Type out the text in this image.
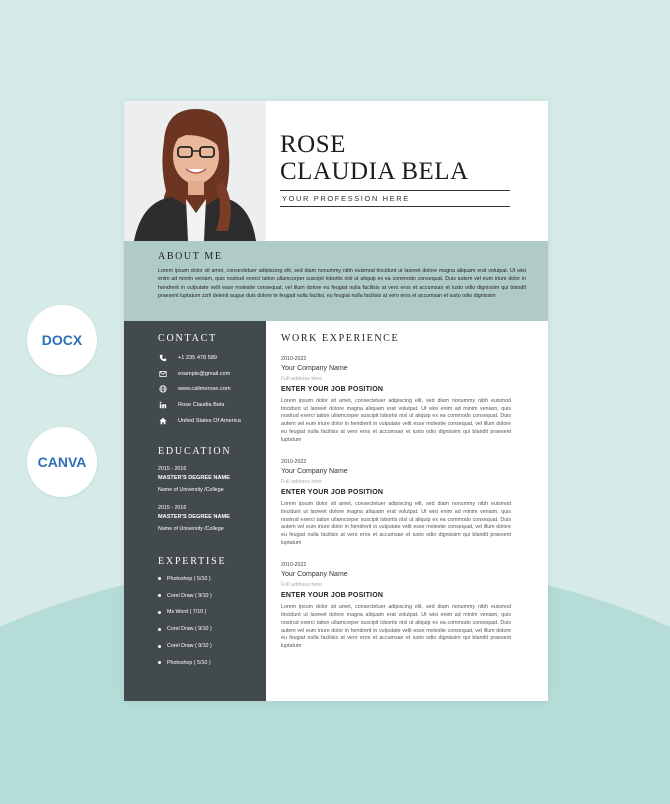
DOCX
CANVA
ROSE
CLAUDIA BELA
YOUR PROFESSION HERE
ABOUT ME

Lorem ipsum dolor sit amet, consectetuer adipiscing elit, sed diam nonummy nibh euismod tincidunt ut laoreet dolore magna aliquam erat volutpat. Ut wisi enim ad minim veniam, quis nostrud exerci tation ullamcorper suscipit lobortis nisl ut aliquip ex ea commodo consequat. Duis autem vel eum iriure dolor in hendrerit in vulputate velit esse molestie consequat, vel illum dolore eu feugiat nulla facilisis at vero eros et accumsan et iusto odio dignissim qui blandit praesent luptatum zzril delenit augue duis dolore te feugait nulla facilisi. eu feugiat nulla facilisis at vero eros et accumsan et iusto odio dignissim

CONTACT
+1 235 478 589
example@gmail.com
www.callmerose.com
Rose Claudia Bela
United States Of America
EDUCATION
2015 - 2016
MASTER'S DEGREE NAME
Name of University /College
2015 - 2016
MASTER'S DEGREE NAME
Name of University /College
EXPERTISE
Photoshop ( 5/10 )
Corel Draw ( 9/10 )
Ms Word ( 7/10 )
Corel Draw ( 9/10 )
Corel Draw ( 9/10 )
Photoshop ( 5/10 )
WORK EXPERIENCE
2010-2022
Your Company Name
Full address here
ENTER YOUR JOB POSITION

Lorem ipsum dolor sit amet, consectetuer adipiscing elit, sed diam nonummy nibh euismod tincidunt ut laoreet dolore magna aliquam erat volutpat. Ut wisi enim ad minim veniam, quis nostrud exerci tation ullamcorper suscipit lobortis nisl ut aliquip ex ea commodo consequat. Duis autem vel eum iriure dolor in hendrerit in vulputate velit esse molestie consequat, vel illum dolore eu feugiat nulla facilisis at vero eros et accumsan et iusto odio dignissim qui blandit praesent luptatum

2010-2022
Your Company Name
Full address here
ENTER YOUR JOB POSITION

Lorem ipsum dolor sit amet, consectetuer adipiscing elit, sed diam nonummy nibh euismod tincidunt ut laoreet dolore magna aliquam erat volutpat. Ut wisi enim ad minim veniam, quis nostrud exerci tation ullamcorper suscipit lobortis nisl ut aliquip ex ea commodo consequat. Duis autem vel eum iriure dolor in hendrerit in vulputate velit esse molestie consequat, vel illum dolore eu feugiat nulla facilisis at vero eros et accumsan et iusto odio dignissim qui blandit praesent luptatum

2010-2022
Your Company Name
Full address here
ENTER YOUR JOB POSITION

Lorem ipsum dolor sit amet, consectetuer adipiscing elit, sed diam nonummy nibh euismod tincidunt ut laoreet dolore magna aliquam erat volutpat. Ut wisi enim ad minim veniam, quis nostrud exerci tation ullamcorper suscipit lobortis nisl ut aliquip ex ea commodo consequat. Duis autem vel eum iriure dolor in hendrerit in vulputate velit esse molestie consequat, vel illum dolore eu feugiat nulla facilisis at vero eros et accumsan et iusto odio dignissim qui blandit praesent luptatum
